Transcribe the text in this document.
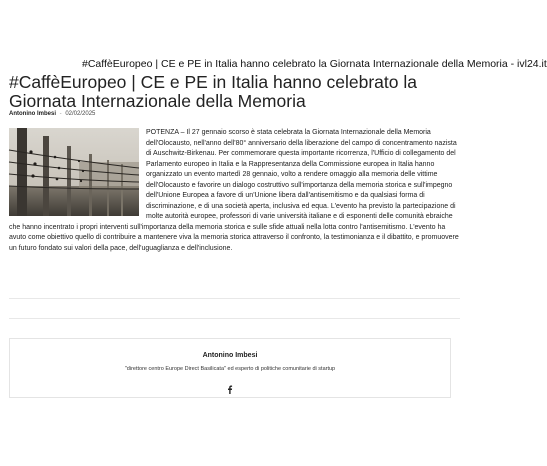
#CaffèEuropeo | CE e PE in Italia hanno celebrato la Giornata Internazionale della Memoria - ivl24.it
#CaffèEuropeo | CE e PE in Italia hanno celebrato la Giornata Internazionale della Memoria
Antonino Imbesi - 02/02/2025
POTENZA – Il 27 gennaio scorso è stata celebrata la Giornata Internazionale della Memoria dell'Olocausto, nell'anno dell'80° anniversario della liberazione del campo di concentramento nazista di Auschwitz-Birkenau. Per commemorare questa importante ricorrenza, l'Ufficio di collegamento del Parlamento europeo in Italia e la Rappresentanza della Commissione europea in Italia hanno organizzato un evento martedì 28 gennaio, volto a rendere omaggio alla memoria delle vittime dell'Olocausto e favorire un dialogo costruttivo sull'importanza della memoria storica e sull'impegno dell'Unione Europea a favore di un'Unione libera dall'antisemitismo e da qualsiasi forma di discriminazione, e di una società aperta, inclusiva ed equa. L'evento ha previsto la partecipazione di molte autorità europee, professori di varie università italiane e di esponenti delle comunità ebraiche che hanno incentrato i propri interventi sull'importanza della memoria storica e sulle sfide attuali nella lotta contro l'antisemitismo. L'evento ha avuto come obiettivo quello di contribuire a mantenere viva la memoria storica attraverso il confronto, la testimonianza e il dibattito, e promuovere un futuro fondato sui valori della pace, dell'uguaglianza e dell'inclusione.
Antonino Imbesi
"direttore centro Europe Direct Basilicata" ed esperto di politiche comunitarie di startup
